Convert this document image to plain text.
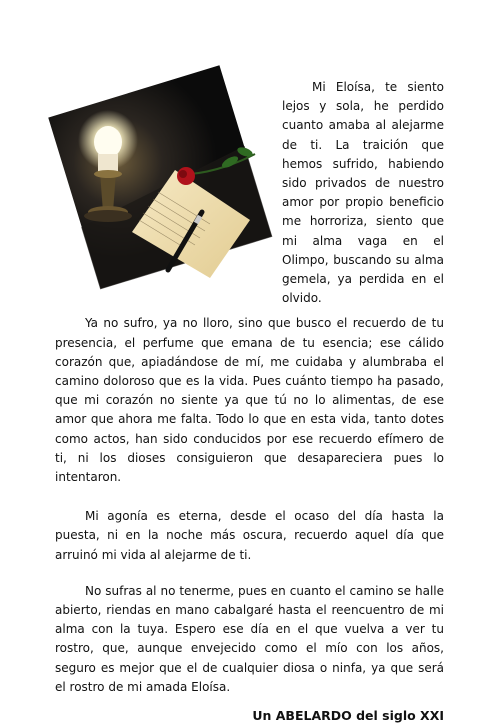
Mi Eloísa, te siento lejos y sola, he perdido cuanto amaba al alejarme de ti. La traición que hemos sufrido, habiendo sido privados de nuestro amor por propio beneficio me horroriza, siento que mi alma vaga en el Olimpo, buscando su alma gemela, ya perdida en el olvido.

Ya no sufro, ya no lloro, sino que busco el recuerdo de tu presencia, el perfume que emana de tu esencia; ese cálido corazón que, apiadándose de mí, me cuidaba y alumbraba el camino doloroso que es la vida. Pues cuánto tiempo ha pasado, que mi corazón no siente ya que tú no lo alimentas, de ese amor que ahora me falta. Todo lo que en esta vida, tanto dotes como actos, han sido conducidos por ese recuerdo efímero de ti, ni los dioses consiguieron que desapareciera pues lo intentaron.

Mi agonía es eterna, desde el ocaso del día hasta la puesta, ni en la noche más oscura, recuerdo aquel día que arruinó mi vida al alejarme de ti.

No sufras al no tenerme, pues en cuanto el camino se halle abierto, riendas en mano cabalgaré hasta el reencuentro de mi alma con la tuya. Espero ese día en el que vuelva a ver tu rostro, que, aunque envejecido como el mío con los años, seguro es mejor que el de cualquier diosa o ninfa, ya que será el rostro de mi amada Eloísa.

Un ABELARDO del siglo XXI
